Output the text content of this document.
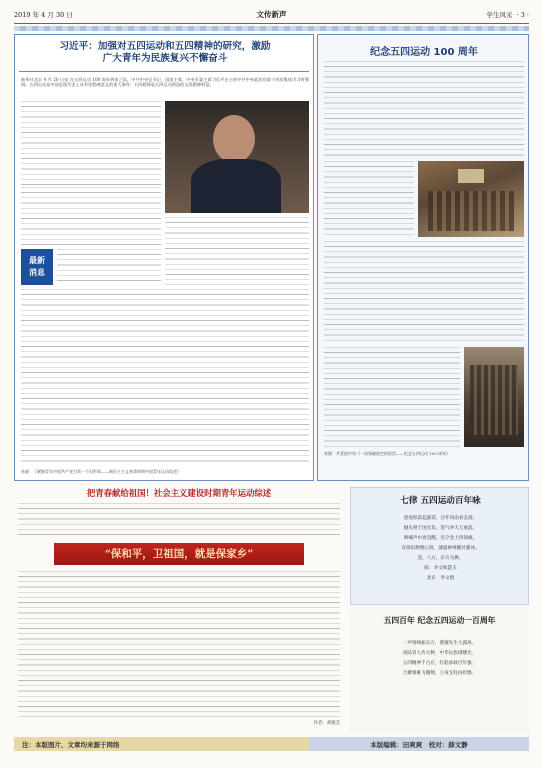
2019 年 4 月 30 日	文传新声	学生风采 · 3 ·
习近平：加强对五四运动和五四精神的研究，激励
广大青年为民族复兴不懈奋斗
新华社北京 4 月 20 日电 在五四运动 100 周年到来之际，中共中央总书记、国家主席、中央军委主席习近平在主持中共中央政治局第十四次集体学习时强调，五四运动是中国近现代史上具有里程碑意义的重大事件，五四精神是五四运动创造的宝贵精神财富。
最新
消息
来源：《紧握青年中国共产党引领一个旧世界——新民主主义革命时期中国青年运动综述》
纪念五四运动 100 周年
来源：共青团中央《一场划破夜空的惊雷——纪念五四运动 100 周年》
把青春献给祖国！社会主义建设时期青年运动综述
“保和平，卫祖国，就是保家乡”
作者：胡媛芸
七律 五四运动百年咏
黑夜惊雷起霹雳，百年风雨看弘扬。
抛头颅于国无负，怒气冲天万重浪。
呐喊声中再觉醒，迟夕念上四领旗。
宣扬旧颓便心境，薄盛神州醒对强冰。
活，八方，东方为舞。
陈：李文和慧玉
北京　李文娟
五四百年 纪念五四运动一百周年
一声炮响振东方，德赛先生大露扬。
南陆青人传火种，中华民族现曙光。
五四精神千古在，红船承载百年强。
合聚雏雁飞翱翔，立身支柱再担缰。
注：本版图片、文章均来源于网络	本版编辑：田爽爽　校对：薛文静
